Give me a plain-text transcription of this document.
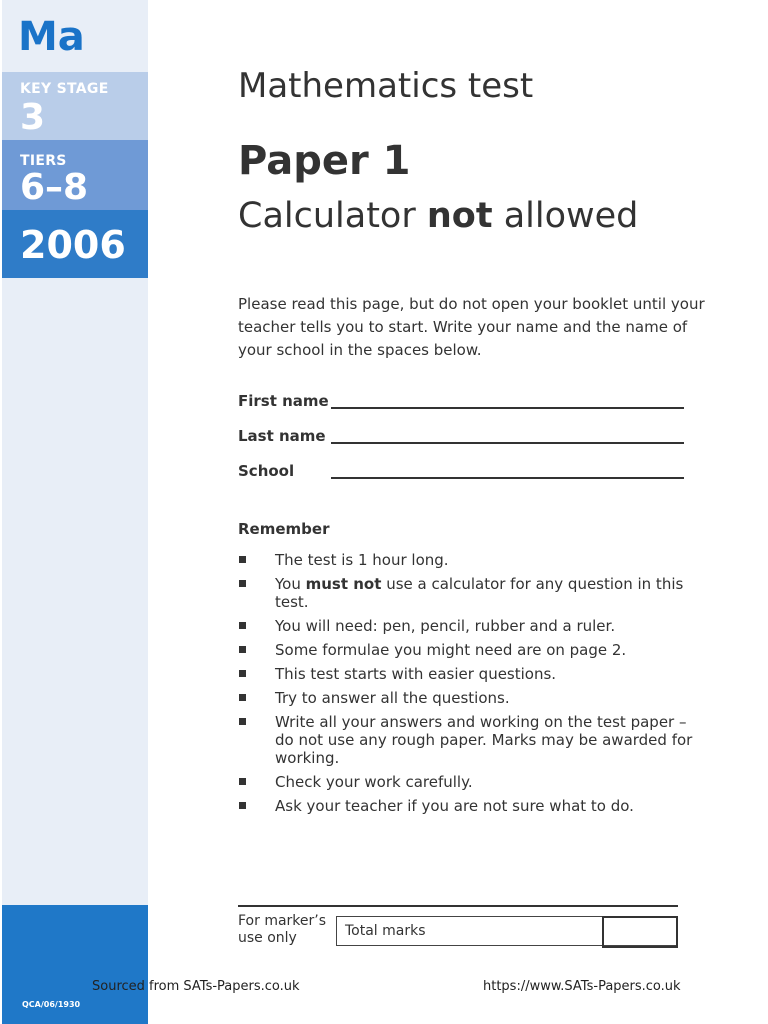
Ma
KEY STAGE
3
TIERS
6–8
2006
QCA/06/1930
Mathematics test
Paper 1
Calculator not allowed
Please read this page, but do not open your booklet until your teacher tells you to start. Write your name and the name of your school in the spaces below.
First name
Last name
School
Remember
The test is 1 hour long.
You must not use a calculator for any question in this test.
You will need: pen, pencil, rubber and a ruler.
Some formulae you might need are on page 2.
This test starts with easier questions.
Try to answer all the questions.
Write all your answers and working on the test paper – do not use any rough paper. Marks may be awarded for working.
Check your work carefully.
Ask your teacher if you are not sure what to do.
For marker’s
use only	Total marks
Sourced from SATs-Papers.co.uk	https://www.SATs-Papers.co.uk
